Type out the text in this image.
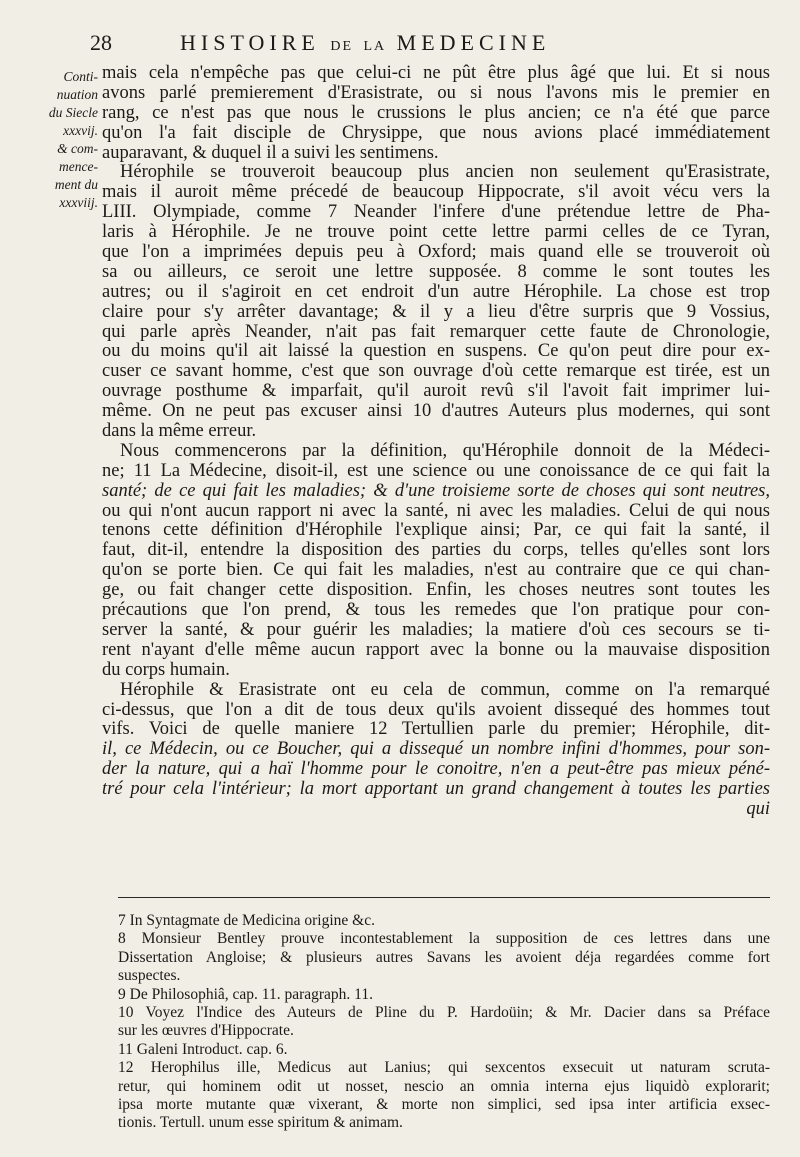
28	HISTOIRE DE LA MEDECINE
Conti-
nuation
du Siecle
xxxvij.
& com-
mence-
ment du
xxxviij.
mais cela n'empêche pas que celui-ci ne pût être plus âgé que lui. Et si nous
avons parlé premierement d'Erasistrate, ou si nous l'avons mis le premier en
rang, ce n'est pas que nous le crussions le plus ancien; ce n'a été que parce
qu'on l'a fait disciple de Chrysippe, que nous avions placé immédiatement
auparavant, & duquel il a suivi les sentimens.
Hérophile se trouveroit beaucoup plus ancien non seulement qu'Erasistrate,
mais il auroit même précedé de beaucoup Hippocrate, s'il avoit vécu vers la
LIII. Olympiade, comme 7 Neander l'infere d'une prétendue lettre de Pha-
laris à Hérophile. Je ne trouve point cette lettre parmi celles de ce Tyran,
que l'on a imprimées depuis peu à Oxford; mais quand elle se trouveroit où
sa ou ailleurs, ce seroit une lettre supposée. 8 comme le sont toutes les
autres; ou il s'agiroit en cet endroit d'un autre Hérophile. La chose est trop
claire pour s'y arrêter davantage; & il y a lieu d'être surpris que 9 Vossius,
qui parle après Neander, n'ait pas fait remarquer cette faute de Chronologie,
ou du moins qu'il ait laissé la question en suspens. Ce qu'on peut dire pour ex-
cuser ce savant homme, c'est que son ouvrage d'où cette remarque est tirée, est un
ouvrage posthume & imparfait, qu'il auroit revû s'il l'avoit fait imprimer lui-
même. On ne peut pas excuser ainsi 10 d'autres Auteurs plus modernes, qui sont
dans la même erreur.
Nous commencerons par la définition, qu'Hérophile donnoit de la Médeci-
ne; 11 La Médecine, disoit-il, est une science ou une conoissance de ce qui fait la
santé; de ce qui fait les maladies; & d'une troisieme sorte de choses qui sont neutres,
ou qui n'ont aucun rapport ni avec la santé, ni avec les maladies. Celui de qui nous
tenons cette définition d'Hérophile l'explique ainsi; Par, ce qui fait la santé, il
faut, dit-il, entendre la disposition des parties du corps, telles qu'elles sont lors
qu'on se porte bien. Ce qui fait les maladies, n'est au contraire que ce qui chan-
ge, ou fait changer cette disposition. Enfin, les choses neutres sont toutes les
précautions que l'on prend, & tous les remedes que l'on pratique pour con-
server la santé, & pour guérir les maladies; la matiere d'où ces secours se ti-
rent n'ayant d'elle même aucun rapport avec la bonne ou la mauvaise disposition
du corps humain.
Hérophile & Erasistrate ont eu cela de commun, comme on l'a remarqué
ci-dessus, que l'on a dit de tous deux qu'ils avoient dissequé des hommes tout
vifs. Voici de quelle maniere 12 Tertullien parle du premier; Hérophile, dit-
il, ce Médecin, ou ce Boucher, qui a dissequé un nombre infini d'hommes, pour son-
der la nature, qui a haï l'homme pour le conoitre, n'en a peut-être pas mieux péné-
tré pour cela l'intérieur; la mort apportant un grand changement à toutes les parties
qui
7 In Syntagmate de Medicina origine &c.
8 Monsieur Bentley prouve incontestablement la supposition de ces lettres dans une
Dissertation Angloise; & plusieurs autres Savans les avoient déja regardées comme fort
suspectes.
9 De Philosophiâ, cap. 11. paragraph. 11.
10 Voyez l'Indice des Auteurs de Pline du P. Hardoüin; & Mr. Dacier dans sa Préface
sur les œuvres d'Hippocrate.
11 Galeni Introduct. cap. 6.
12 Herophilus ille, Medicus aut Lanius; qui sexcentos exsecuit ut naturam scruta-
retur, qui hominem odit ut nosset, nescio an omnia interna ejus liquidò explorarit;
ipsa morte mutante quæ vixerant, & morte non simplici, sed ipsa inter artificia exsec-
tionis. Tertull. unum esse spiritum & animam.
